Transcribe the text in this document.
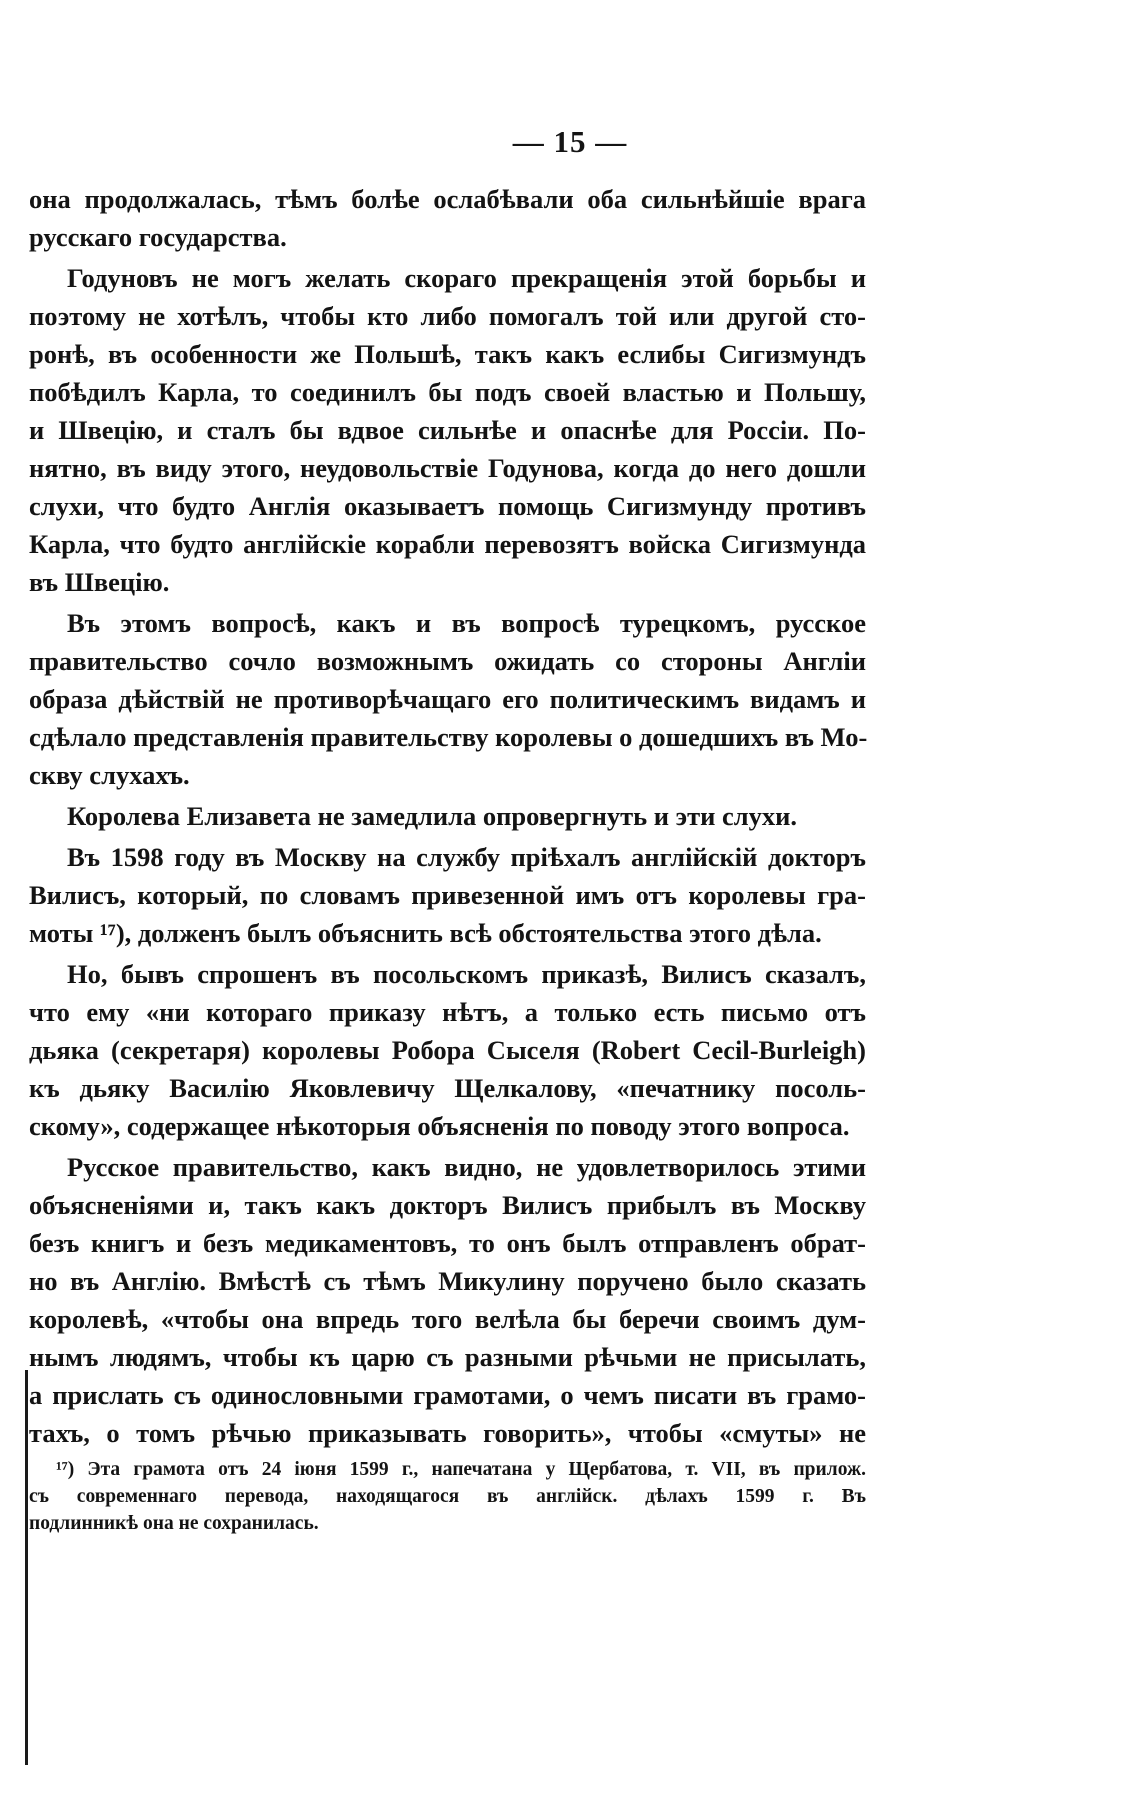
— 15 —
она продолжалась, тѣмъ болѣе ослабѣвали оба сильнѣйшіе врага
русскаго государства.
Годуновъ не могъ желать скораго прекращенія этой борьбы и
поэтому не хотѣлъ, чтобы кто либо помогалъ той или другой сто-
ронѣ, въ особенности же Польшѣ, такъ какъ еслибы Сигизмундъ
побѣдилъ Карла, то соединилъ бы подъ своей властью и Польшу,
и Швецію, и сталъ бы вдвое сильнѣе и опаснѣе для Россіи. По-
нятно, въ виду этого, неудовольствіе Годунова, когда до него дошли
слухи, что будто Англія оказываетъ помощь Сигизмунду противъ
Карла, что будто англійскіе корабли перевозятъ войска Сигизмунда
въ Швецію.
Въ этомъ вопросѣ, какъ и въ вопросѣ турецкомъ, русское
правительство сочло возможнымъ ожидать со стороны Англіи
образа дѣйствій не противорѣчащаго его политическимъ видамъ и
сдѣлало представленія правительству королевы о дошедшихъ въ Мо-
скву слухахъ.
Королева Елизавета не замедлила опровергнуть и эти слухи.
Въ 1598 году въ Москву на службу пріѣхалъ англійскій докторъ
Вилисъ, который, по словамъ привезенной имъ отъ королевы гра-
моты ¹⁷), долженъ былъ объяснить всѣ обстоятельства этого дѣла.
Но, бывъ спрошенъ въ посольскомъ приказѣ, Вилисъ сказалъ,
что ему «ни котораго приказу нѣтъ, а только есть письмо отъ
дьяка (секретаря) королевы Робора Сыселя (Robert Cecil-Burleigh)
къ дьяку Василію Яковлевичу Щелкалову, «печатнику посоль-
скому», содержащее нѣкоторыя объясненія по поводу этого вопроса.
Русское правительство, какъ видно, не удовлетворилось этими
объясненіями и, такъ какъ докторъ Вилисъ прибылъ въ Москву
безъ книгъ и безъ медикаментовъ, то онъ былъ отправленъ обрат-
но въ Англію. Вмѣстѣ съ тѣмъ Микулину поручено было сказать
королевѣ, «чтобы она впредь того велѣла бы беречи своимъ дум-
нымъ людямъ, чтобы къ царю съ разными рѣчьми не присылать,
а прислать съ одинословными грамотами, о чемъ писати въ грамо-
тахъ, о томъ рѣчью приказывать говорить», чтобы «смуты» не
¹⁷) Эта грамота отъ 24 іюня 1599 г., напечатана у Щербатова, т. VII, въ прилож.
съ современнаго перевода, находящагося въ англійск. дѣлахъ 1599 г. Въ
подлинникѣ она не сохранилась.
